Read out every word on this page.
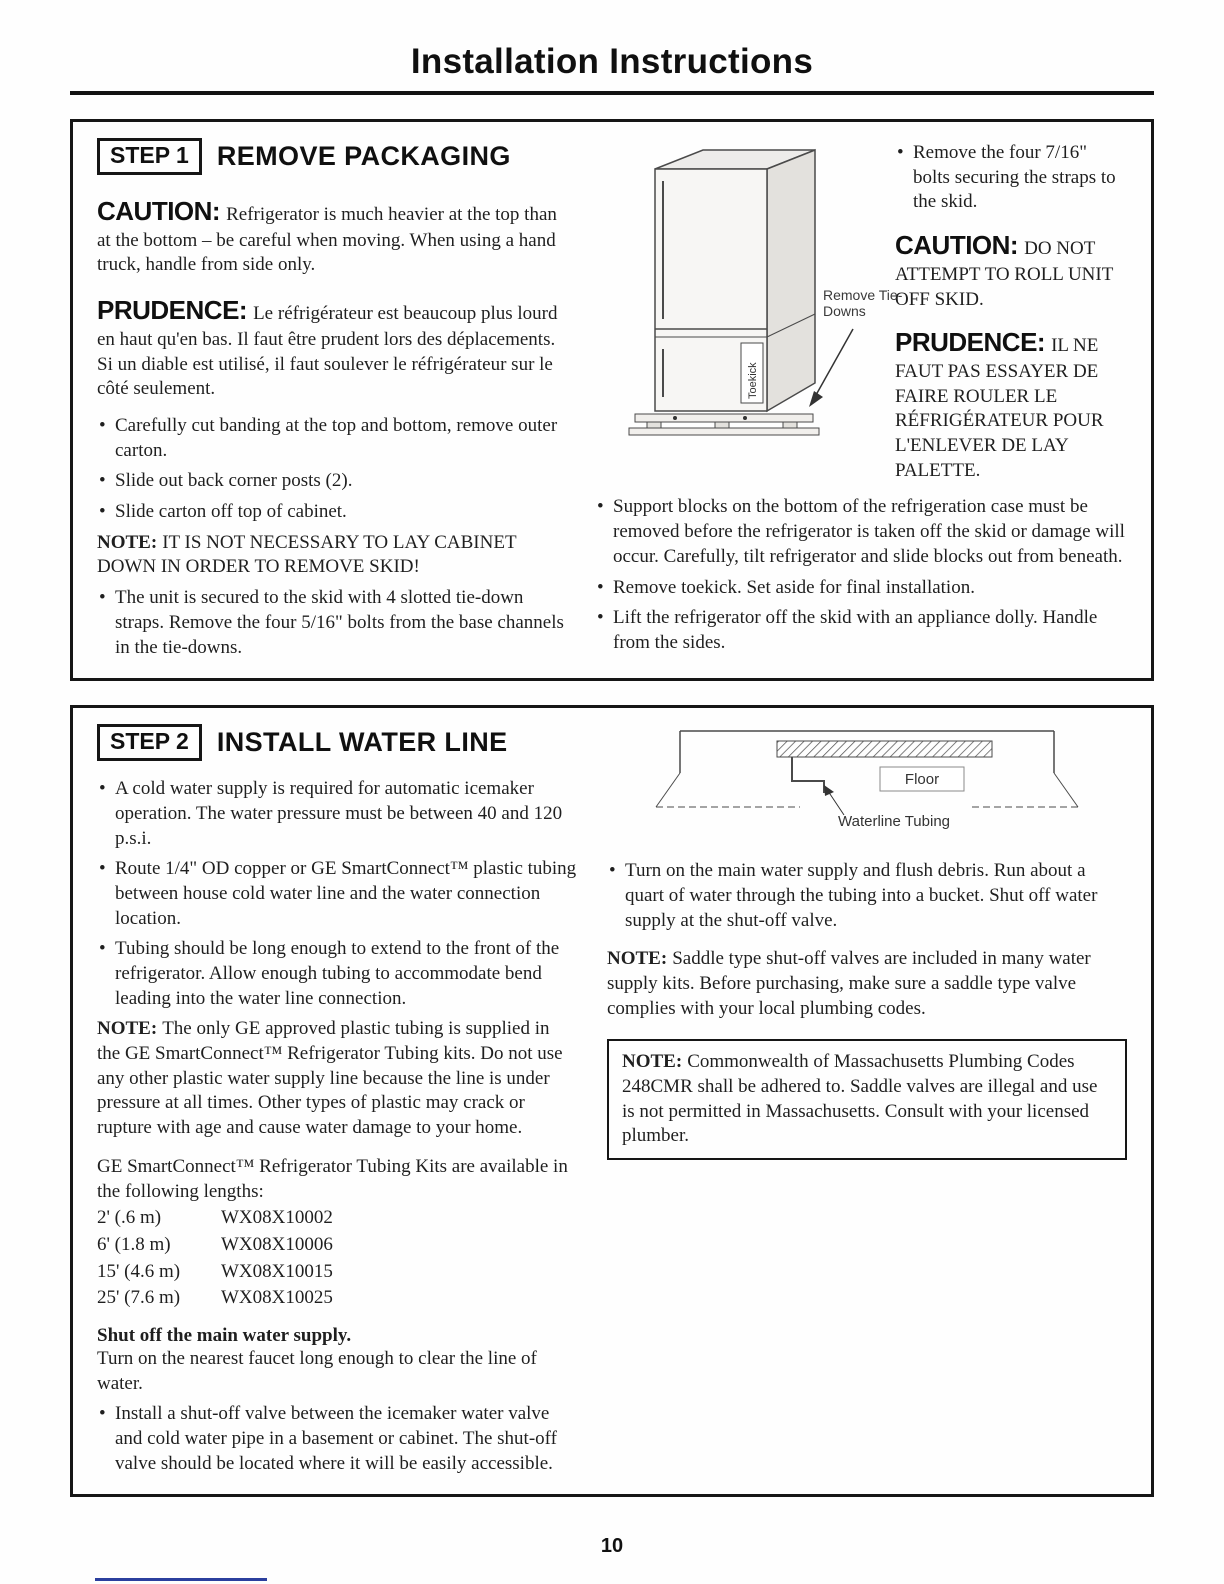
Installation Instructions
STEP 1	REMOVE PACKAGING

CAUTION: Refrigerator is much heavier at the top than at the bottom – be careful when moving. When using a hand truck, handle from side only.

PRUDENCE: Le réfrigérateur est beaucoup plus lourd en haut qu'en bas. Il faut être prudent lors des déplacements. Si un diable est utilisé, il faut soulever le réfrigérateur sur le côté seulement.

• Carefully cut banding at the top and bottom, remove outer carton.
• Slide out back corner posts (2).
• Slide carton off top of cabinet.

NOTE: IT IS NOT NECESSARY TO LAY CABINET DOWN IN ORDER TO REMOVE SKID!

• The unit is secured to the skid with 4 slotted tie-down straps. Remove the four 5/16" bolts from the base channels in the tie-downs.
Toekick
Remove Tie-Downs
• Remove the four 7/16" bolts securing the straps to the skid.

CAUTION: DO NOT ATTEMPT TO ROLL UNIT OFF SKID.

PRUDENCE: IL NE FAUT PAS ESSAYER DE FAIRE ROULER LE RÉFRIGÉRATEUR POUR L'ENLEVER DE LAY PALETTE.

• Support blocks on the bottom of the refrigeration case must be removed before the refrigerator is taken off the skid or damage will occur. Carefully, tilt refrigerator and slide blocks out from beneath.
• Remove toekick. Set aside for final installation.
• Lift the refrigerator off the skid with an appliance dolly. Handle from the sides.
STEP 2	INSTALL WATER LINE
• A cold water supply is required for automatic icemaker operation. The water pressure must be between 40 and 120 p.s.i.
• Route 1/4" OD copper or GE SmartConnect™ plastic tubing between house cold water line and the water connection location.
• Tubing should be long enough to extend to the front of the refrigerator. Allow enough tubing to accommodate bend leading into the water line connection.

NOTE: The only GE approved plastic tubing is supplied in the GE SmartConnect™ Refrigerator Tubing kits. Do not use any other plastic water supply line because the line is under pressure at all times. Other types of plastic may crack or rupture with age and cause water damage to your home.

GE SmartConnect™ Refrigerator Tubing Kits are available in the following lengths:
2' (.6 m)	WX08X10002
6' (1.8 m)	WX08X10006
15' (4.6 m)	WX08X10015
25' (7.6 m)	WX08X10025
Shut off the main water supply.
Turn on the nearest faucet long enough to clear the line of water.
• Install a shut-off valve between the icemaker water valve and cold water pipe in a basement or cabinet. The shut-off valve should be located where it will be easily accessible.
Floor
Waterline Tubing
• Turn on the main water supply and flush debris. Run about a quart of water through the tubing into a bucket. Shut off water supply at the shut-off valve.

NOTE: Saddle type shut-off valves are included in many water supply kits. Before purchasing, make sure a saddle type valve complies with your local plumbing codes.

NOTE: Commonwealth of Massachusetts Plumbing Codes 248CMR shall be adhered to. Saddle valves are illegal and use is not permitted in Massachusetts. Consult with your licensed plumber.
10
